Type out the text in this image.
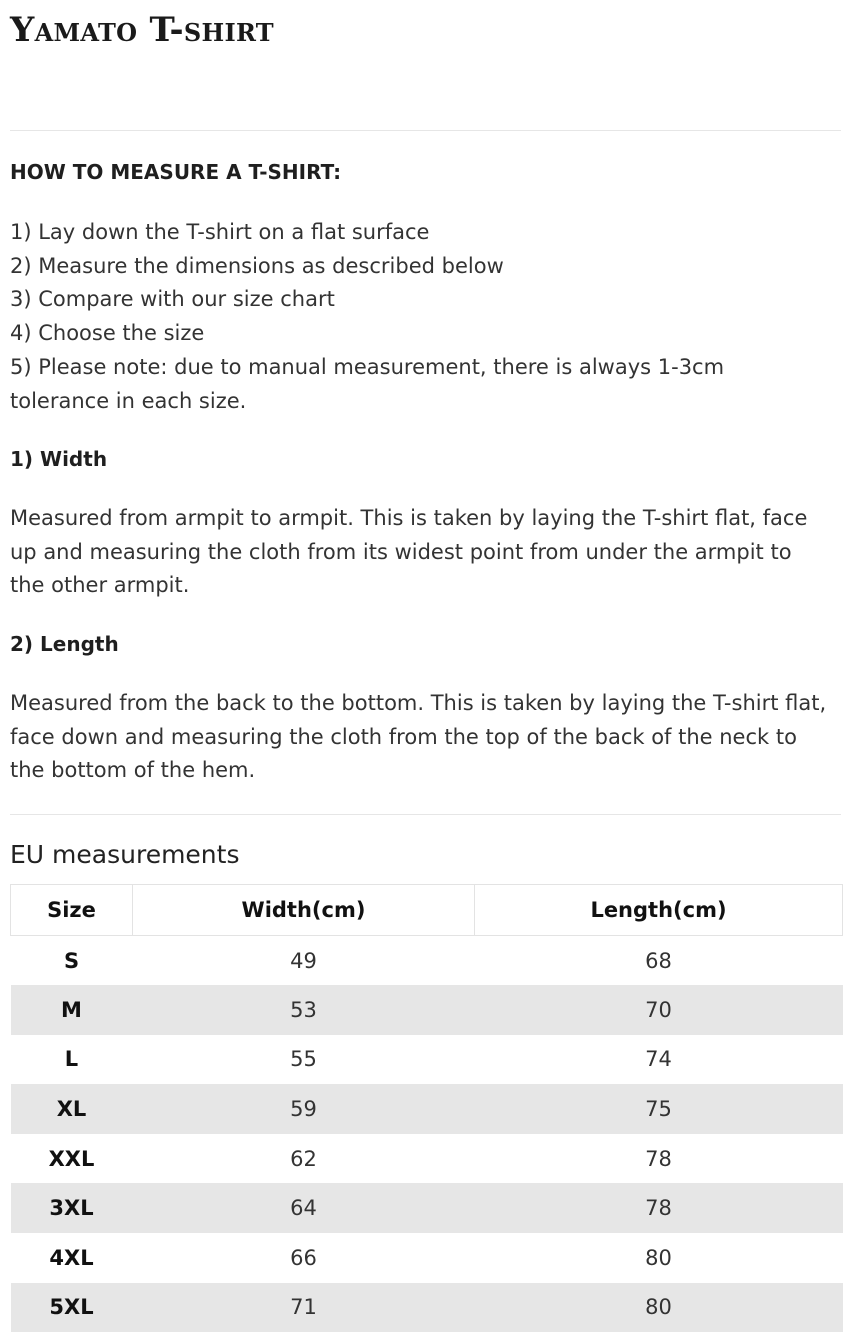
Yamato T-shirt
HOW TO MEASURE A T-SHIRT:
1) Lay down the T-shirt on a flat surface
2) Measure the dimensions as described below
3) Compare with our size chart
4) Choose the size
5) Please note: due to manual measurement, there is always 1-3cm tolerance in each size.
1) Width

Measured from armpit to armpit. This is taken by laying the T-shirt flat, face up and measuring the cloth from its widest point from under the armpit to the other armpit.

2) Length

Measured from the back to the bottom. This is taken by laying the T-shirt flat, face down and measuring the cloth from the top of the back of the neck to the bottom of the hem.

EU measurements
Size	Width(cm)	Length(cm)
S	49	68
M	53	70
L	55	74
XL	59	75
XXL	62	78
3XL	64	78
4XL	66	80
5XL	71	80
